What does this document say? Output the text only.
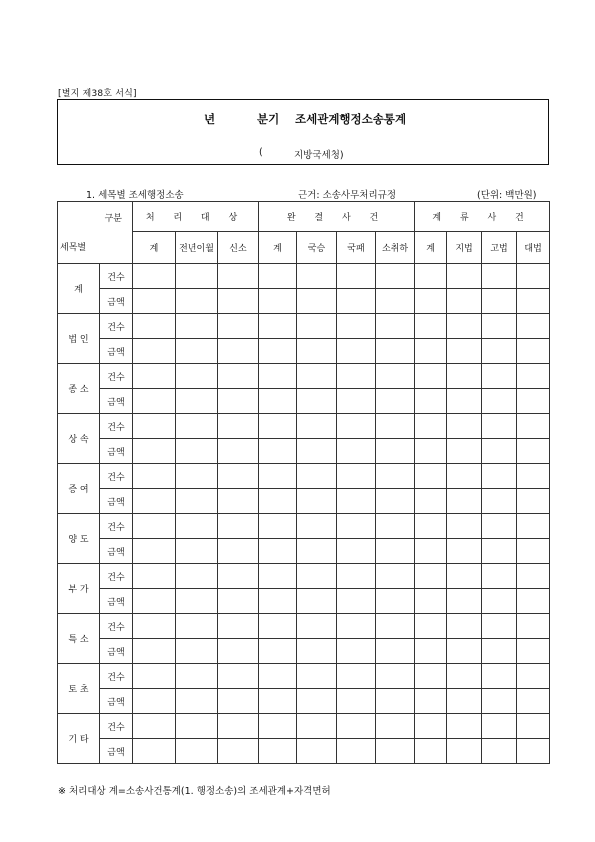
[별지 제38호 서식]
년	분기 조세관계행정소송통계
(	지방국세청)
1. 세목별 조세행정소송	근거: 소송사무처리규정	(단위: 백만원)
구분
세목별		처 리 대 상			완 결 사 건				계 류 사 건			
		계	전년이월	신소	계	국승	국패	소취하	계	지법	고법	대법
계	건수											
	금액											
법 인	건수											
	금액											
종 소	건수											
	금액											
상 속	건수											
	금액											
증 여	건수											
	금액											
양 도	건수											
	금액											
부 가	건수											
	금액											
특 소	건수											
	금액											
토 초	건수											
	금액											
기 타	건수											
	금액											
※ 처리대상 계=소송사건통계(1. 행정소송)의 조세관계+자격면허
